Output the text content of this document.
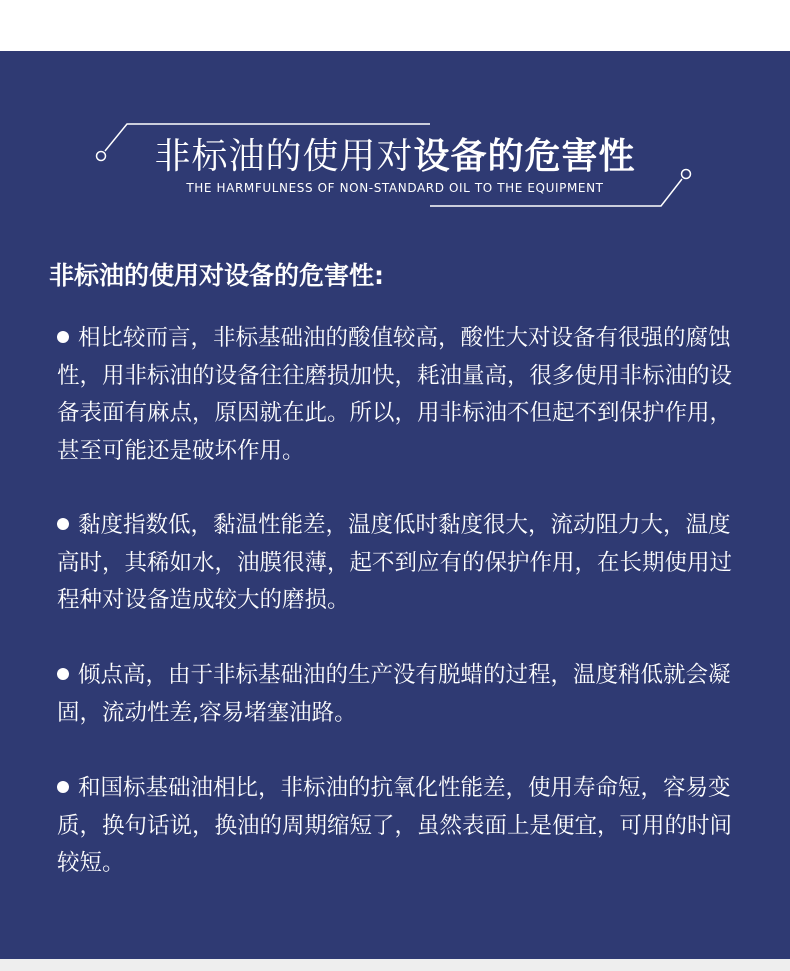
非标油的使用对设备的危害性
THE HARMFULNESS OF NON-STANDARD OIL TO THE EQUIPMENT
非标油的使用对设备的危害性:

相比较而言，非标基础油的酸值较高，酸性大对设备有很强的腐蚀性，用非标油的设备往往磨损加快，耗油量高，很多使用非标油的设备表面有麻点，原因就在此。所以，用非标油不但起不到保护作用，甚至可能还是破坏作用。

黏度指数低，黏温性能差，温度低时黏度很大，流动阻力大，温度高时，其稀如水，油膜很薄，起不到应有的保护作用，在长期使用过程种对设备造成较大的磨损。

倾点高，由于非标基础油的生产没有脱蜡的过程，温度稍低就会凝固，流动性差,容易堵塞油路。

和国标基础油相比，非标油的抗氧化性能差，使用寿命短，容易变质，换句话说，换油的周期缩短了，虽然表面上是便宜，可用的时间较短。
